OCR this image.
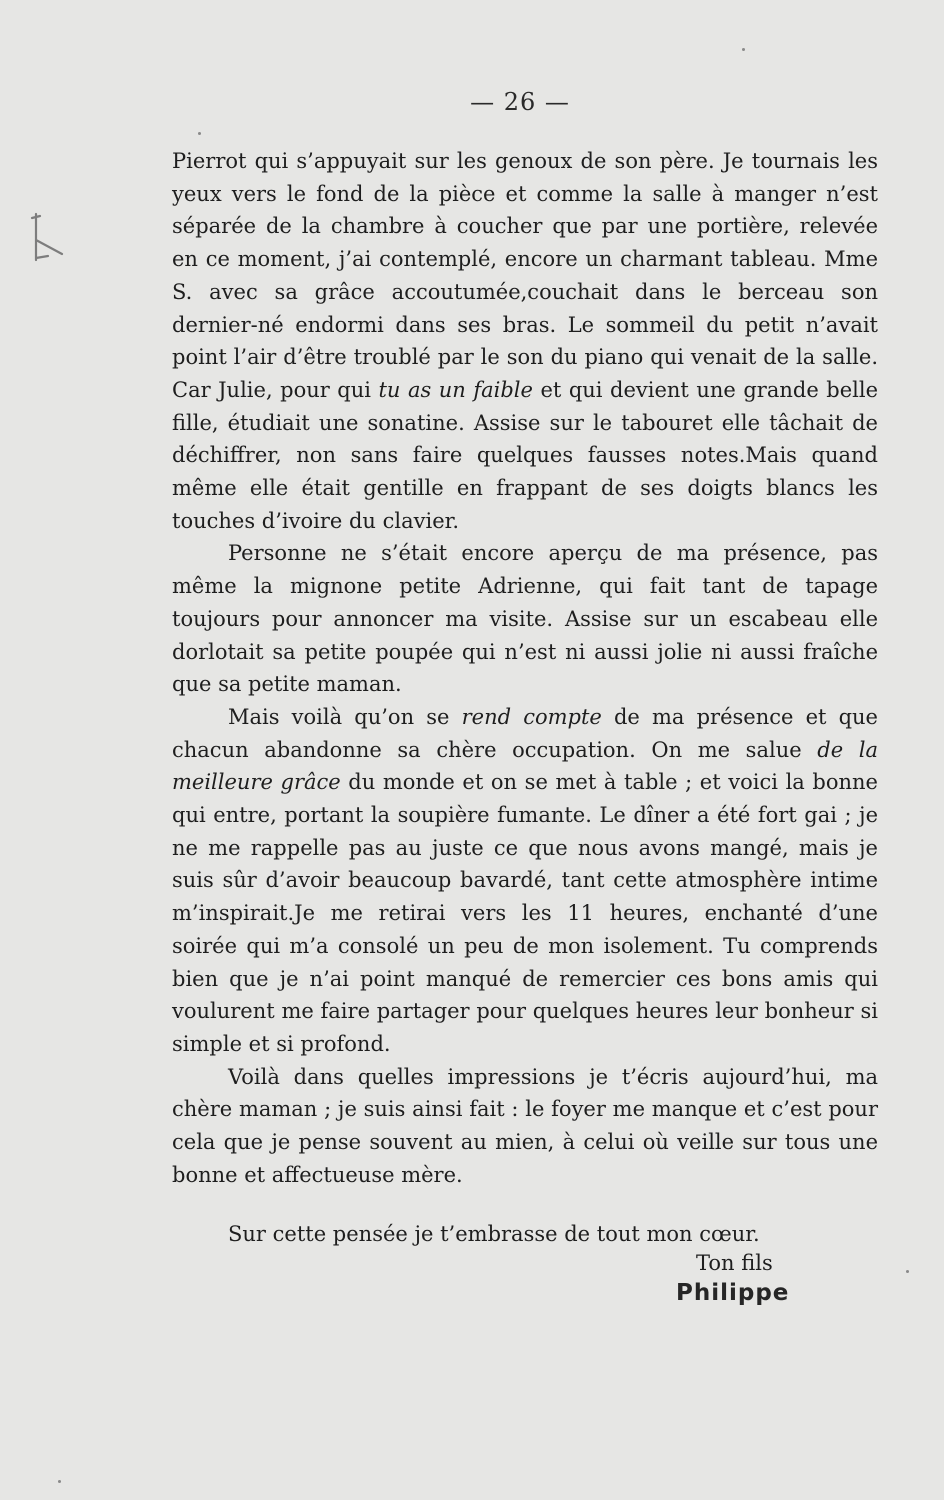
— 26 —

Pierrot qui s’appuyait sur les genoux de son père. Je tournais les yeux vers le fond de la pièce et comme la salle à manger n’est séparée de la chambre à coucher que par une portière, relevée en ce moment, j’ai contemplé, encore un charmant tableau. Mme S. avec sa grâce accoutumée,couchait dans le berceau son dernier-né endormi dans ses bras. Le sommeil du petit n’avait point l’air d’être troublé par le son du piano qui venait de la salle. Car Julie, pour qui tu as un faible et qui devient une grande belle fille, étudiait une sonatine. Assise sur le tabouret elle tâchait de déchiffrer, non sans faire quelques fausses notes.Mais quand même elle était gentille en frappant de ses doigts blancs les touches d’ivoire du clavier.

Personne ne s’était encore aperçu de ma présence, pas même la mignone petite Adrienne, qui fait tant de tapage toujours pour annoncer ma visite. Assise sur un escabeau elle dorlotait sa petite poupée qui n’est ni aussi jolie ni aussi fraîche que sa petite maman.

Mais voilà qu’on se rend compte de ma présence et que chacun abandonne sa chère occupation. On me salue de la meilleure grâce du monde et on se met à table ; et voici la bonne qui entre, portant la soupière fumante. Le dîner a été fort gai ; je ne me rappelle pas au juste ce que nous avons mangé, mais je suis sûr d’avoir beaucoup bavardé, tant cette atmosphère intime m’inspirait.Je me retirai vers les 11 heures, enchanté d’une soirée qui m’a consolé un peu de mon isolement. Tu comprends bien que je n’ai point manqué de remercier ces bons amis qui voulurent me faire partager pour quelques heures leur bonheur si simple et si profond.

Voilà dans quelles impressions je t’écris aujourd’hui, ma chère maman ; je suis ainsi fait : le foyer me manque et c’est pour cela que je pense souvent au mien, à celui où veille sur tous une bonne et affectueuse mère.

Sur cette pensée je t’embrasse de tout mon cœur.

Ton fils
Philippe
